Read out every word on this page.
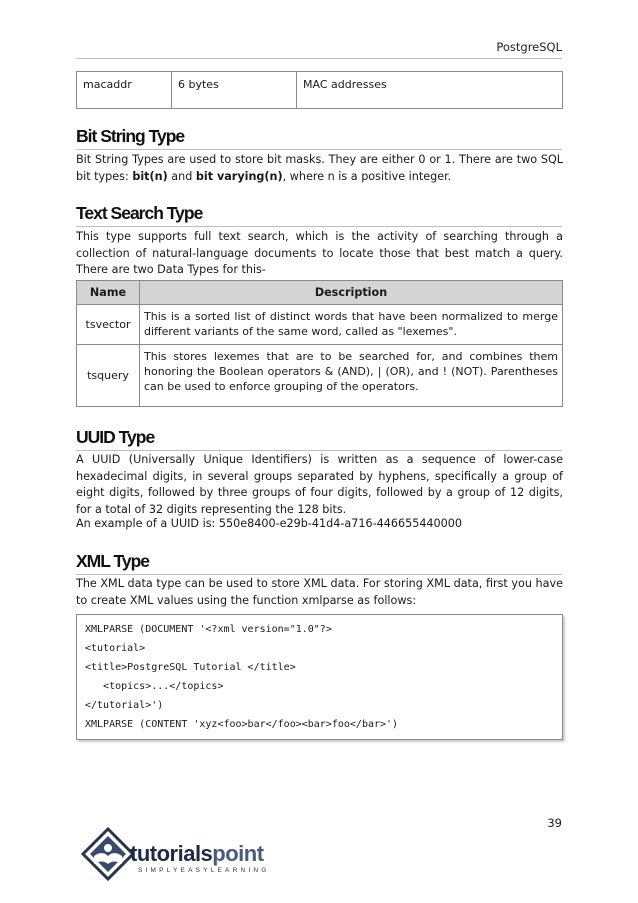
PostgreSQL
macaddr	6 bytes	MAC addresses
Bit String Type

Bit String Types are used to store bit masks. They are either 0 or 1. There are two SQL bit types: bit(n) and bit varying(n), where n is a positive integer.

Text Search Type

This type supports full text search, which is the activity of searching through a collection of natural-language documents to locate those that best match a query. There are two Data Types for this-

Name	Description
tsvector	This is a sorted list of distinct words that have been normalized to merge different variants of the same word, called as "lexemes".
tsquery	This stores lexemes that are to be searched for, and combines them honoring the Boolean operators & (AND), | (OR), and ! (NOT). Parentheses can be used to enforce grouping of the operators.
UUID Type

A UUID (Universally Unique Identifiers) is written as a sequence of lower-case hexadecimal digits, in several groups separated by hyphens, specifically a group of eight digits, followed by three groups of four digits, followed by a group of 12 digits, for a total of 32 digits representing the 128 bits.

An example of a UUID is: 550e8400-e29b-41d4-a716-446655440000

XML Type

The XML data type can be used to store XML data. For storing XML data, first you have to create XML values using the function xmlparse as follows:

XMLPARSE (DOCUMENT '<?xml version="1.0"?>
<tutorial>
<title>PostgreSQL Tutorial </title>
<topics>...</topics>
</tutorial>')
XMLPARSE (CONTENT 'xyz<foo>bar</foo><bar>foo</bar>')
39
tutorialspoint
SIMPLYEASYLEARNING
